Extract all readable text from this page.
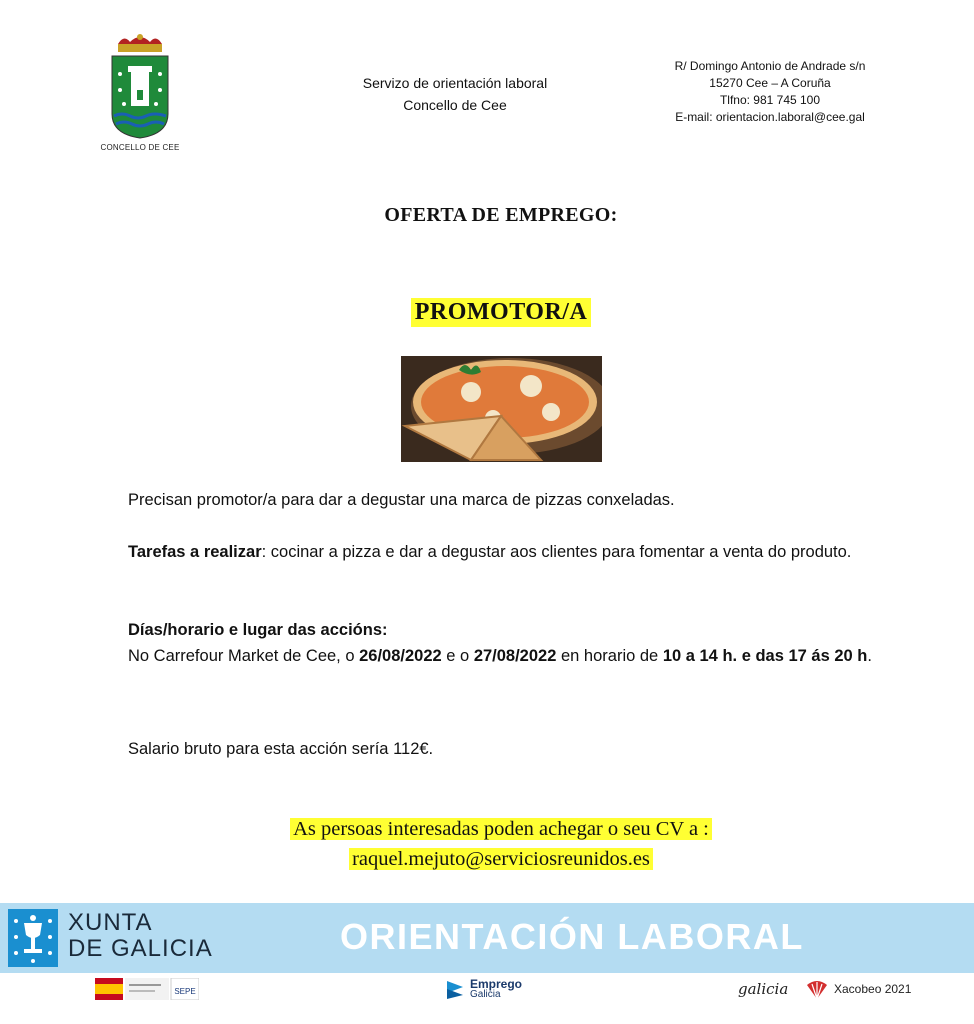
CONCELLO DE CEE
Servizo de orientación laboral
Concello de Cee
R/ Domingo Antonio de Andrade s/n
15270 Cee – A Coruña
Tlfno: 981 745 100
E-mail: orientacion.laboral@cee.gal
OFERTA DE EMPREGO:
PROMOTOR/A
Precisan promotor/a para dar a degustar una marca de pizzas conxeladas.
Tarefas a realizar: cocinar a pizza e dar a degustar aos clientes para fomentar a venta do produto.
Días/horario e lugar das accións:
No Carrefour Market de Cee, o 26/08/2022 e o 27/08/2022 en horario de 10 a 14 h. e das 17 ás 20 h.
Salario bruto para esta acción sería 112€.
As persoas interesadas poden achegar o seu CV a :
raquel.mejuto@serviciosreunidos.es
XUNTA
DE GALICIA	ORIENTACIÓN LABORAL
SEPE
Emprego
Galicia	galicia	Xacobeo 2021
